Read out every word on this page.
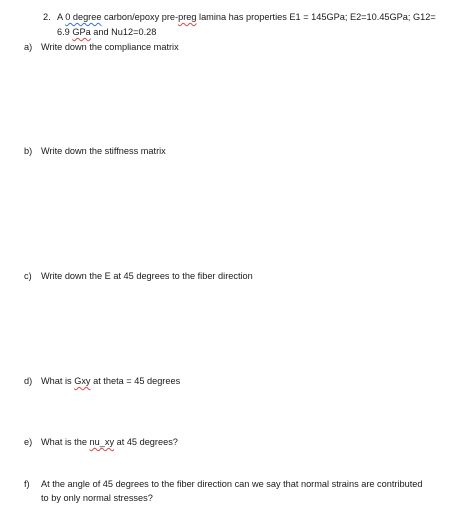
2. A 0 degree carbon/epoxy pre-preg lamina has properties E1 = 145GPa; E2=10.45GPa; G12=
6.9 GPa and Nu12=0.28
a) Write down the compliance matrix
b) Write down the stiffness matrix
c) Write down the E at 45 degrees to the fiber direction
d) What is Gxy at theta = 45 degrees
e) What is the nu_xy at 45 degrees?
f) At the angle of 45 degrees to the fiber direction can we say that normal strains are contributed
to by only normal stresses?
